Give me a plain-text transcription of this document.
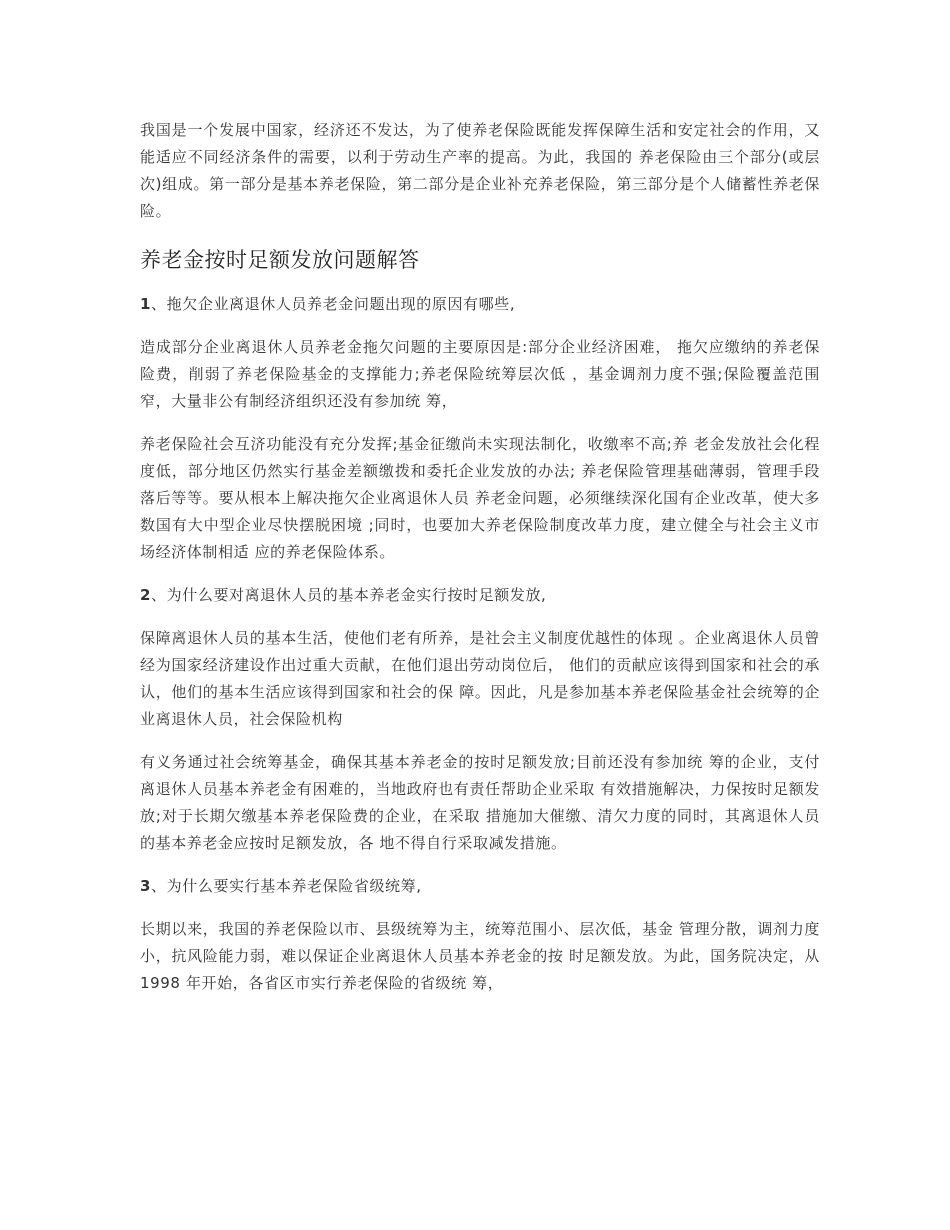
我国是一个发展中国家，经济还不发达，为了使养老保险既能发挥保障生活和安定社会的作用，又能适应不同经济条件的需要，以利于劳动生产率的提高。为此，我国的 养老保险由三个部分(或层次)组成。第一部分是基本养老保险，第二部分是企业补充养老保险，第三部分是个人储蓄性养老保险。

养老金按时足额发放问题解答

1、拖欠企业离退休人员养老金问题出现的原因有哪些,

造成部分企业离退休人员养老金拖欠问题的主要原因是:部分企业经济困难， 拖欠应缴纳的养老保险费，削弱了养老保险基金的支撑能力;养老保险统筹层次低 ，基金调剂力度不强;保险覆盖范围窄，大量非公有制经济组织还没有参加统 筹，

养老保险社会互济功能没有充分发挥;基金征缴尚未实现法制化，收缴率不高;养 老金发放社会化程度低，部分地区仍然实行基金差额缴拨和委托企业发放的办法; 养老保险管理基础薄弱，管理手段落后等等。要从根本上解决拖欠企业离退休人员 养老金问题，必须继续深化国有企业改革，使大多数国有大中型企业尽快摆脱困境 ;同时，也要加大养老保险制度改革力度，建立健全与社会主义市场经济体制相适 应的养老保险体系。

2、为什么要对离退休人员的基本养老金实行按时足额发放,

保障离退休人员的基本生活，使他们老有所养，是社会主义制度优越性的体现 。企业离退休人员曾经为国家经济建设作出过重大贡献，在他们退出劳动岗位后， 他们的贡献应该得到国家和社会的承认，他们的基本生活应该得到国家和社会的保 障。因此，凡是参加基本养老保险基金社会统筹的企业离退休人员，社会保险机构

有义务通过社会统筹基金，确保其基本养老金的按时足额发放;目前还没有参加统 筹的企业，支付离退休人员基本养老金有困难的，当地政府也有责任帮助企业采取 有效措施解决，力保按时足额发放;对于长期欠缴基本养老保险费的企业，在采取 措施加大催缴、清欠力度的同时，其离退休人员的基本养老金应按时足额发放，各 地不得自行采取减发措施。

3、为什么要实行基本养老保险省级统筹,

长期以来，我国的养老保险以市、县级统筹为主，统筹范围小、层次低，基金 管理分散，调剂力度小，抗风险能力弱，难以保证企业离退休人员基本养老金的按 时足额发放。为此，国务院决定，从 1998 年开始，各省区市实行养老保险的省级统 筹，
